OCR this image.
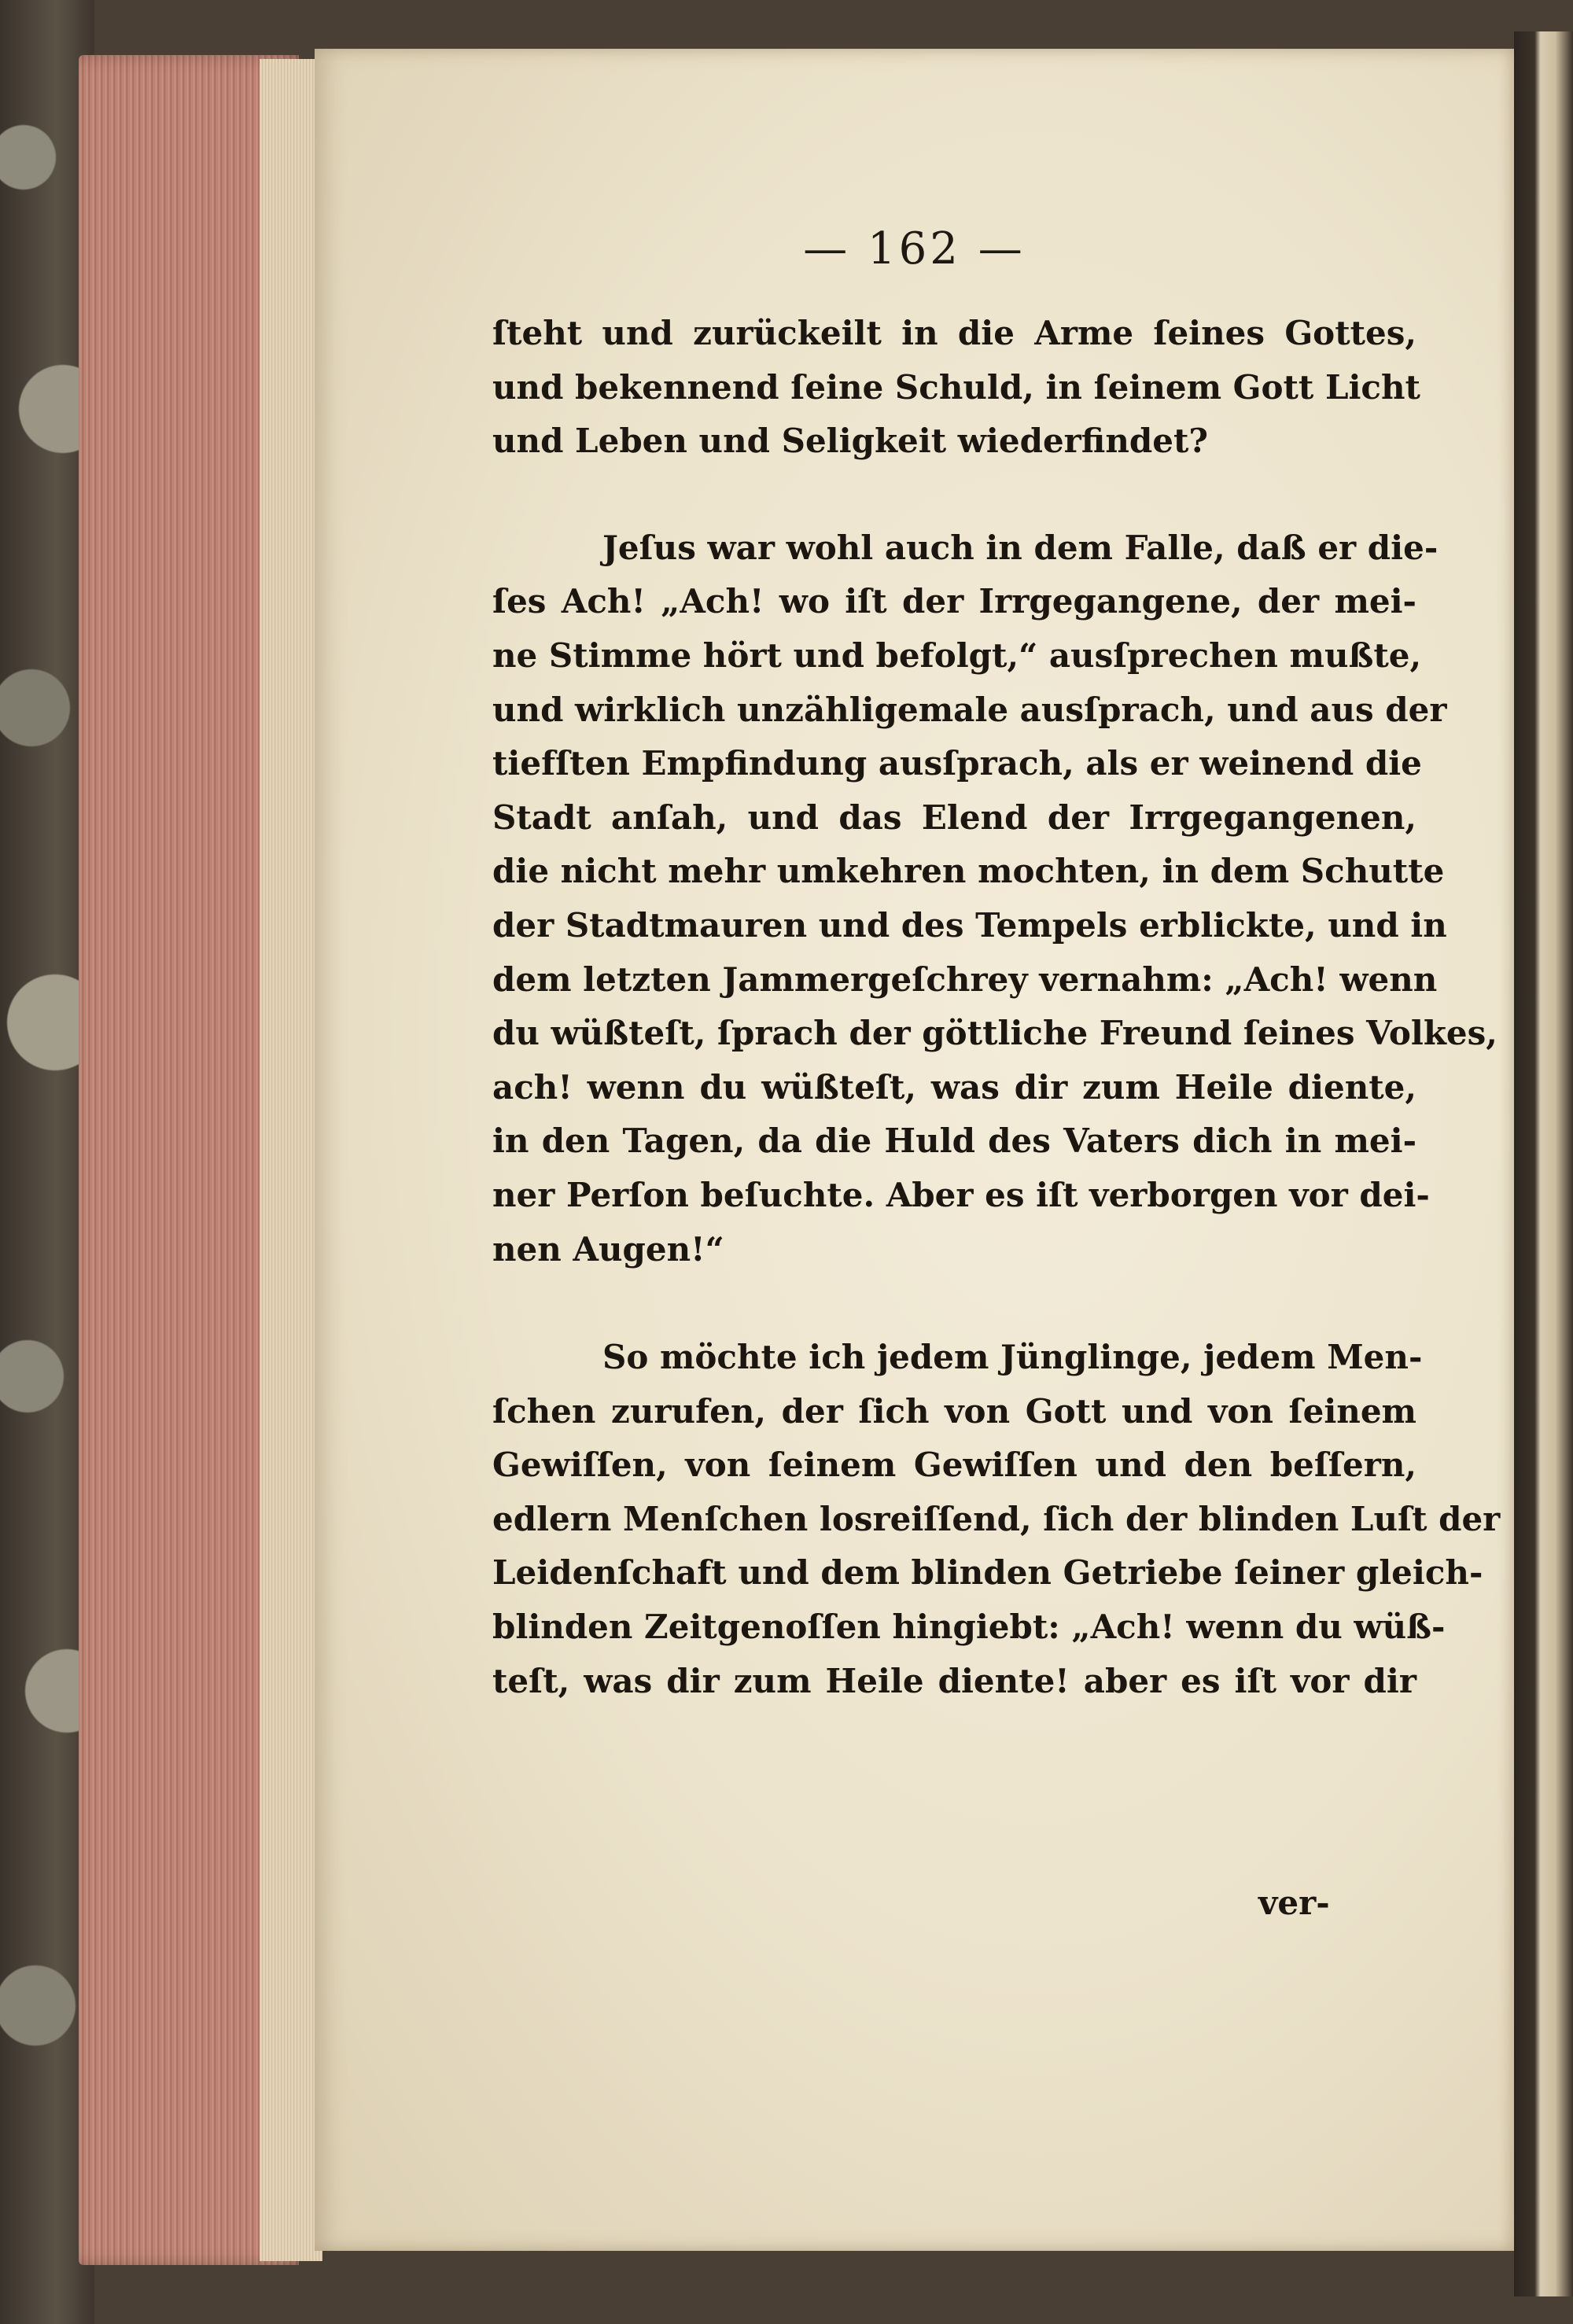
— 162 —

ſteht und zurückeilt in die Arme ſeines Gottes,

und bekennend ſeine Schuld, in ſeinem Gott Licht

und Leben und Seligkeit wiederfindet?

Jeſus war wohl auch in dem Falle, daß er die-

ſes Ach! „Ach! wo iſt der Irrgegangene, der mei-

ne Stimme hört und befolgt,“ ausſprechen mußte,

und wirklich unzähligemale ausſprach, und aus der

tiefſten Empfindung ausſprach, als er weinend die

Stadt anſah, und das Elend der Irrgegangenen,

die nicht mehr umkehren mochten, in dem Schutte

der Stadtmauren und des Tempels erblickte, und in

dem letzten Jammergeſchrey vernahm: „Ach! wenn

du wüßteſt, ſprach der göttliche Freund ſeines Volkes,

ach! wenn du wüßteſt, was dir zum Heile diente,

in den Tagen, da die Huld des Vaters dich in mei-

ner Perſon beſuchte. Aber es iſt verborgen vor dei-

nen Augen!“

So möchte ich jedem Jünglinge, jedem Men-

ſchen zurufen, der ſich von Gott und von ſeinem

Gewiſſen, von ſeinem Gewiſſen und den beſſern,

edlern Menſchen losreiſſend, ſich der blinden Luſt der

Leidenſchaft und dem blinden Getriebe ſeiner gleich-

blinden Zeitgenoſſen hingiebt: „Ach! wenn du wüß-

teſt, was dir zum Heile diente! aber es iſt vor dir

ver-
